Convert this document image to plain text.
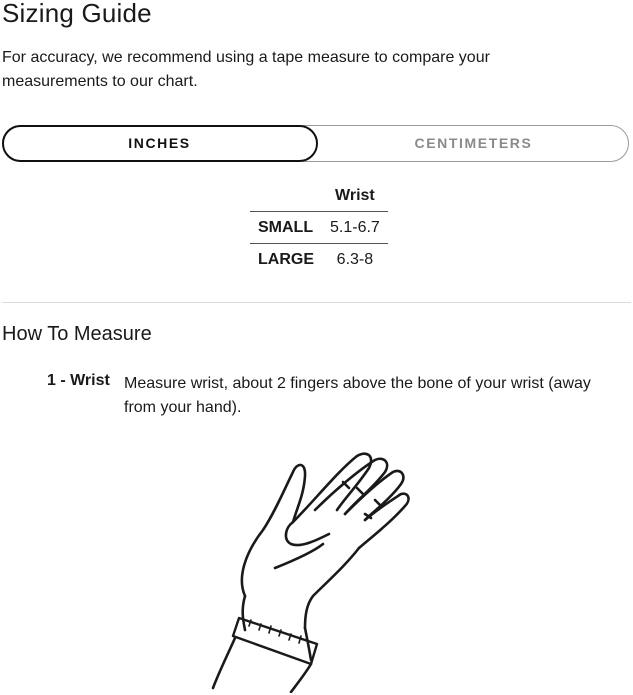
Sizing Guide

For accuracy, we recommend using a tape measure to compare your measurements to our chart.

INCHES	CENTIMETERS
	Wrist
SMALL	5.1-6.7
LARGE	6.3-8
How To Measure
1 - Wrist Measure wrist, about 2 fingers above the bone of your wrist (away from your hand).
